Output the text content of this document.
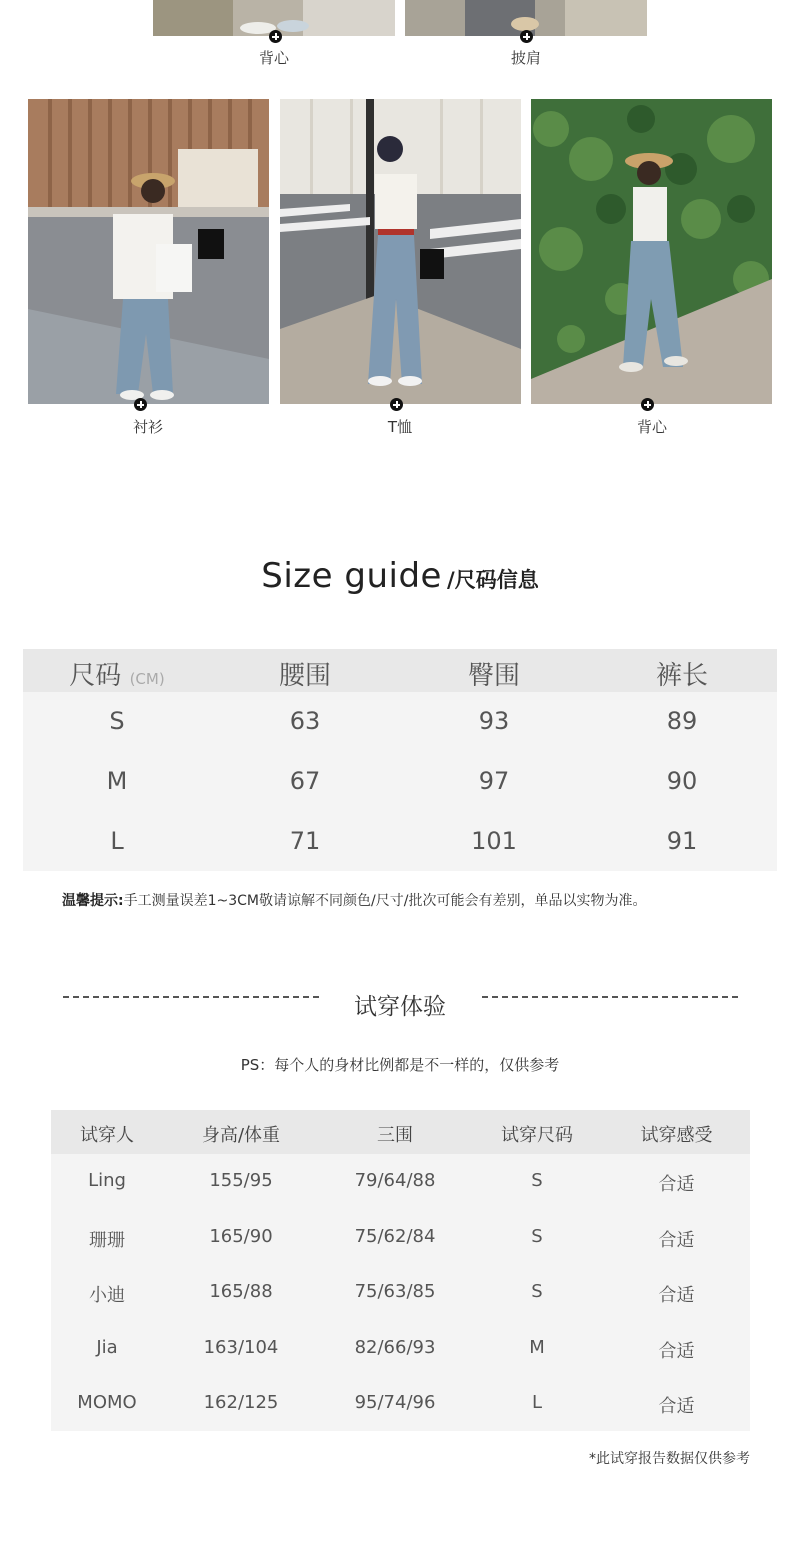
背心	披肩
衬衫	T恤	背心
Size guide /尺码信息
尺码 (CM)	腰围	臀围	裤长
S	63	93	89
M	67	97	90
L	71	101	91
温馨提示:手工测量误差1~3CM敬请谅解不同颜色/尺寸/批次可能会有差别，单品以实物为准。
试穿体验
PS：每个人的身材比例都是不一样的，仅供参考
试穿人	身高/体重	三围	试穿尺码	试穿感受
Ling	155/95	79/64/88	S	合适
珊珊	165/90	75/62/84	S	合适
小迪	165/88	75/63/85	S	合适
Jia	163/104	82/66/93	M	合适
MOMO	162/125	95/74/96	L	合适
*此试穿报告数据仅供参考
